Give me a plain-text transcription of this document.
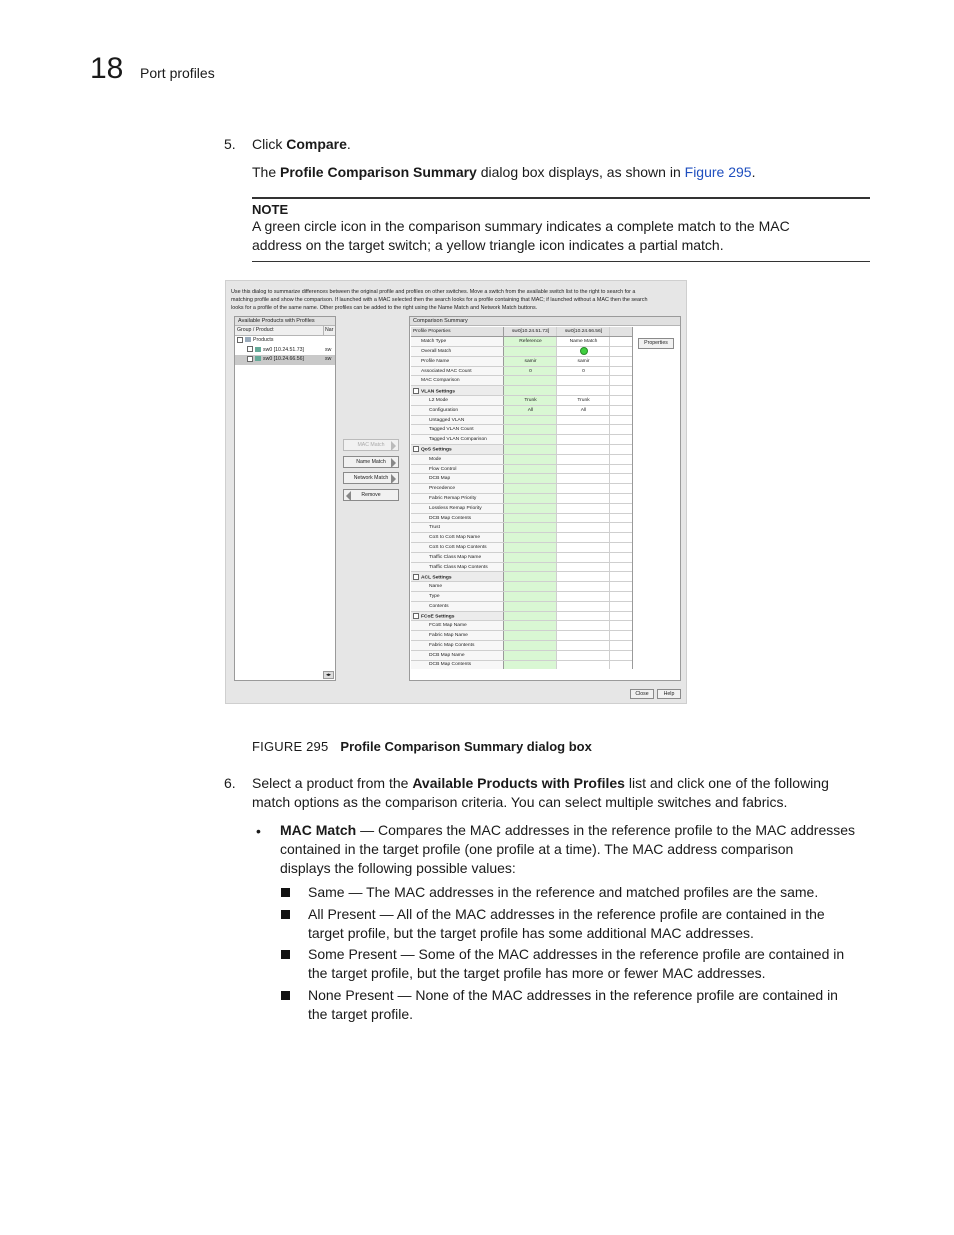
18 Port profiles
5. Click Compare.
The Profile Comparison Summary dialog box displays, as shown in Figure 295.
NOTE
A green circle icon in the comparison summary indicates a complete match to the MAC
address on the target switch; a yellow triangle icon indicates a partial match.
Use this dialog to summarize differences between the original profile and profiles on other switches. Move a switch from the available switch list to the right to search for a
matching profile and show the comparison. If launched with a MAC selected then the search looks for a profile containing that MAC; if launched without a MAC then the search
looks for a profile of the same name. Other profiles can be added to the right using the Name Match and Network Match buttons.
Available Products with Profiles
Group / Product	Nar
Products
sw0 [10.24.51.73]	sw
sw0 [10.24.66.56]	sw
◂▸
MAC Match
Name Match
Network Match
Remove
Comparison Summary
Profile Properties	sw0[10.24.51.73]	sw0[10.24.66.56]	
Match Type	Reference	Name Match	
Overall Match			
Profile Name	samir	samir	
Associated MAC Count	0	0	
MAC Comparison			
VLAN Settings			
L2 Mode	Trunk	Trunk	
Configuration	All	All	
Untagged VLAN			
Tagged VLAN Count			
Tagged VLAN Comparison			
QoS Settings			
Mode			
Flow Control			
DCB Map			
Precedence			
Fabric Remap Priority			
Lossless Remap Priority			
DCB Map Contents			
Trust			
CoS to CoS Map Name			
CoS to CoS Map Contents			
Traffic Class Map Name			
Traffic Class Map Contents			
ACL Settings			
Name			
Type			
Contents			
FCoE Settings			
FCoE Map Name			
Fabric Map Name			
Fabric Map Contents			
DCB Map Name			
DCB Map Contents			
Properties
Close	Help
FIGURE 295 Profile Comparison Summary dialog box
6. Select a product from the Available Products with Profiles list and click one of the following
match options as the comparison criteria. You can select multiple switches and fabrics.
• MAC Match — Compares the MAC addresses in the reference profile to the MAC addresses
contained in the target profile (one profile at a time). The MAC address comparison
displays the following possible values:
Same — The MAC addresses in the reference and matched profiles are the same.
All Present — All of the MAC addresses in the reference profile are contained in the
target profile, but the target profile has some additional MAC addresses.
Some Present — Some of the MAC addresses in the reference profile are contained in
the target profile, but the target profile has more or fewer MAC addresses.
None Present — None of the MAC addresses in the reference profile are contained in
the target profile.
